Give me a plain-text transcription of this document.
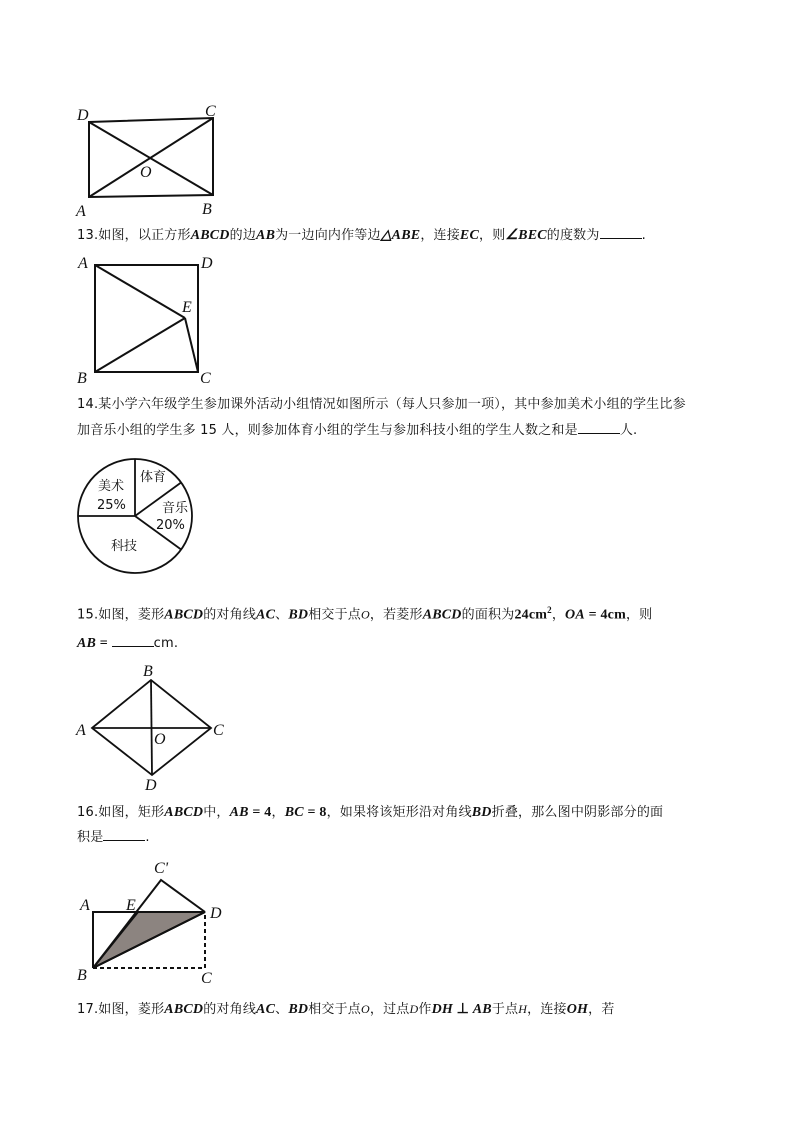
D	C
O
A	B
13.如图，以正方形ABCD的边AB为一边向内作等边△ABE，连接EC，则∠BEC的度数为	.
A	D
E
B	C
14.某小学六年级学生参加课外活动小组情况如图所示（每人只参加一项），其中参加美术小组的学生比参
加音乐小组的学生多 15 人，则参加体育小组的学生与参加科技小组的学生人数之和是	人.
美术
25%
体育
音乐
20%
科技
15.如图，菱形ABCD的对角线AC、BD相交于点O，若菱形ABCD的面积为$24cm^2$，OA = 4cm，则
AB =	cm.
B
A	C
O
D
16.如图，矩形ABCD中，AB = 4，BC = 8，如果将该矩形沿对角线BD折叠，那么图中阴影部分的面
积是	.
C'
A E	D
B	C
17.如图，菱形ABCD的对角线AC、BD相交于点O，过点D作DH ⊥ AB于点H，连接OH，若
